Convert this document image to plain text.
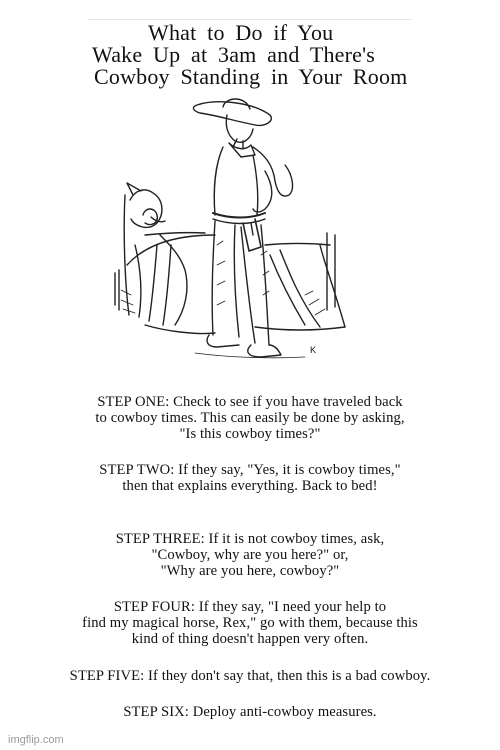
What to Do if You
Wake Up at 3am and There's
Cowboy Standing in Your Room
K
STEP ONE: Check to see if you have traveled back
to cowboy times. This can easily be done by asking,
"Is this cowboy times?"
STEP TWO: If they say, "Yes, it is cowboy times,"
then that explains everything. Back to bed!
STEP THREE: If it is not cowboy times, ask,
"Cowboy, why are you here?" or,
"Why are you here, cowboy?"
STEP FOUR: If they say, "I need your help to
find my magical horse, Rex," go with them, because this
kind of thing doesn't happen very often.
STEP FIVE: If they don't say that, then this is a bad cowboy.
STEP SIX: Deploy anti-cowboy measures.
imgflip.com
